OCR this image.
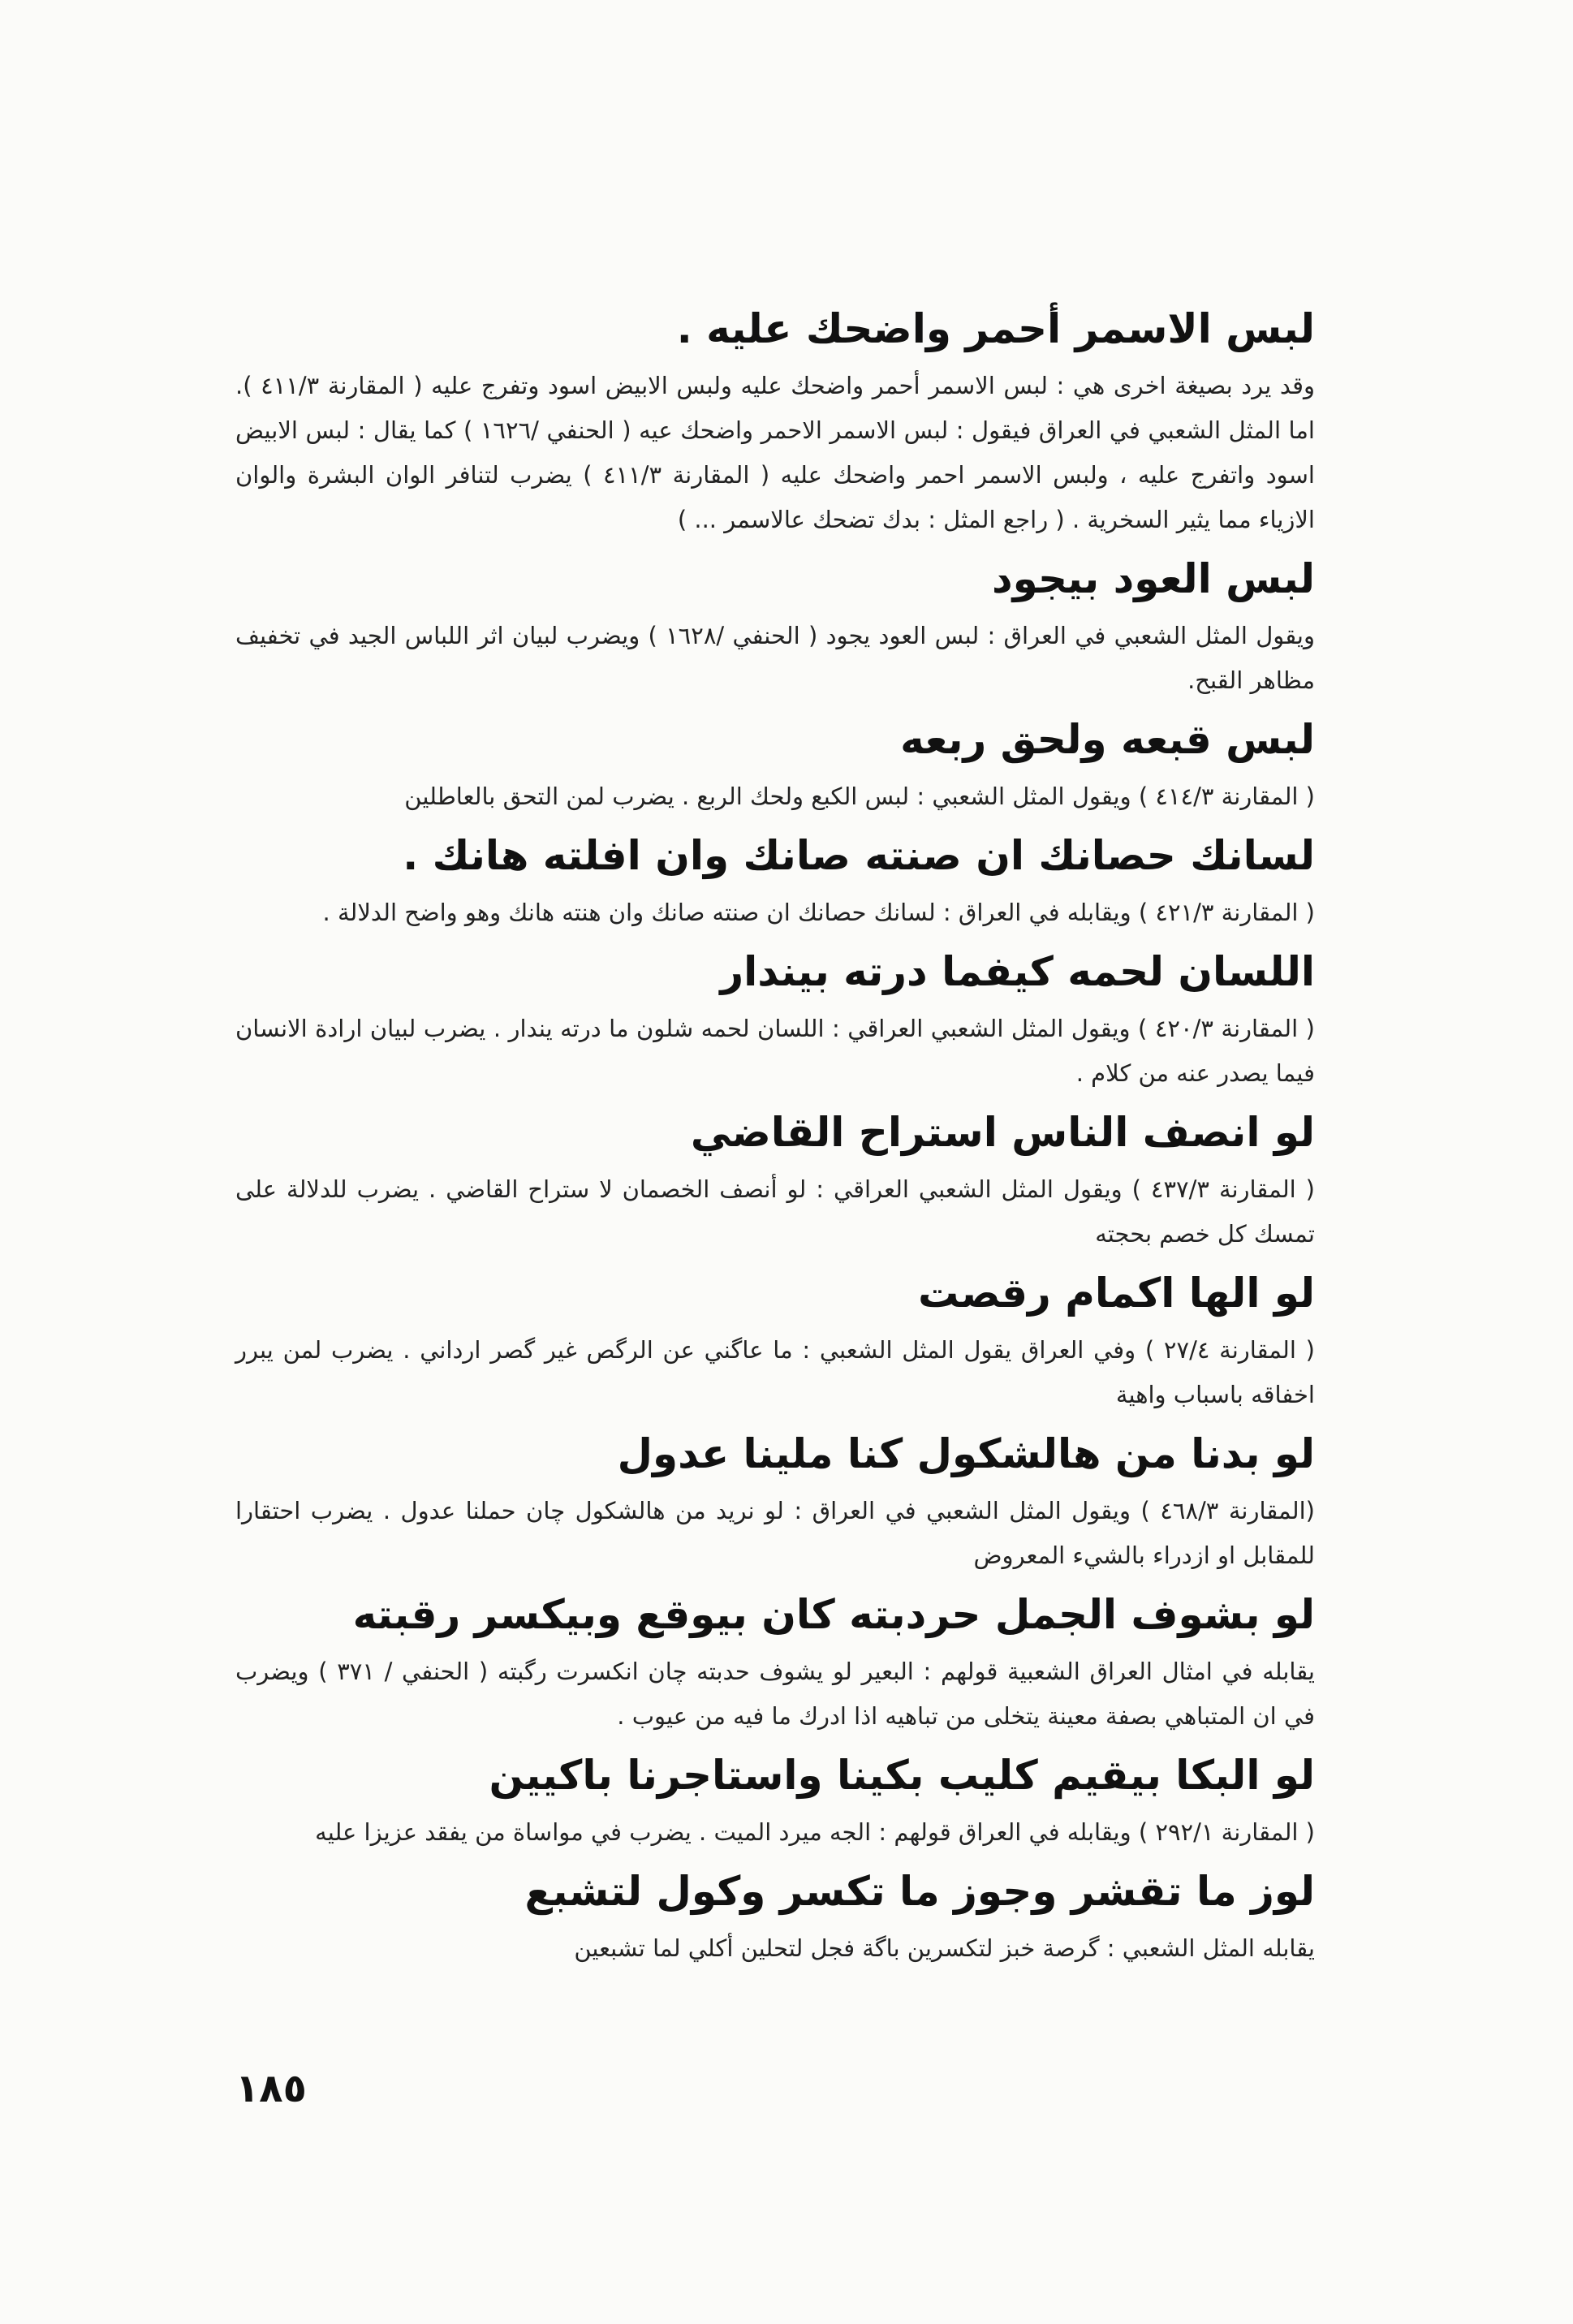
لبس الاسمر أحمر واضحك عليه .

وقد يرد بصيغة اخرى هي : لبس الاسمر أحمر واضحك عليه ولبس الابيض اسود وتفرج عليه ( المقارنة ٤١١/٣ ). اما المثل الشعبي في العراق فيقول : لبس الاسمر الاحمر واضحك عيه ( الحنفي /١٦٢٦ ) كما يقال : لبس الابيض اسود واتفرج عليه ، ولبس الاسمر احمر واضحك عليه ( المقارنة ٤١١/٣ ) يضرب لتنافر الوان البشرة والوان الازياء مما يثير السخرية . ( راجع المثل : بدك تضحك عالاسمر ... )

لبس العود بيجود

ويقول المثل الشعبي في العراق : لبس العود يجود ( الحنفي /١٦٢٨ ) ويضرب لبيان اثر اللباس الجيد في تخفيف مظاهر القبح.

لبس قبعه ولحق ربعه

( المقارنة ٤١٤/٣ ) ويقول المثل الشعبي : لبس الكبع ولحك الربع . يضرب لمن التحق بالعاطلين

لسانك حصانك ان صنته صانك وان افلته هانك .

( المقارنة ٤٢١/٣ ) ويقابله في العراق : لسانك حصانك ان صنته صانك وان هنته هانك وهو واضح الدلالة .

اللسان لحمه كيفما درته بيندار

( المقارنة ٤٢٠/٣ ) ويقول المثل الشعبي العراقي : اللسان لحمه شلون ما درته يندار . يضرب لبيان ارادة الانسان فيما يصدر عنه من كلام .

لو انصف الناس استراح القاضي

( المقارنة ٤٣٧/٣ ) ويقول المثل الشعبي العراقي : لو أنصف الخصمان لا ستراح القاضي . يضرب للدلالة على تمسك كل خصم بحجته

لو الها اكمام رقصت

( المقارنة ٢٧/٤ ) وفي العراق يقول المثل الشعبي : ما عاگني عن الرگص غير گصر ارداني . يضرب لمن يبرر اخفاقه باسباب واهية

لو بدنا من هالشكول كنا ملينا عدول

(المقارنة ٤٦٨/٣ ) ويقول المثل الشعبي في العراق : لو نريد من هالشكول چان حملنا عدول . يضرب احتقارا للمقابل او ازدراء بالشيء المعروض

لو بشوف الجمل حردبته كان بيوقع وبيكسر رقبته

يقابله في امثال العراق الشعبية قولهم : البعير لو يشوف حدبته چان انكسرت رگبته ( الحنفي / ٣٧١ ) ويضرب في ان المتباهي بصفة معينة يتخلى من تباهيه اذا ادرك ما فيه من عيوب .

لو البكا بيقيم كليب بكينا واستاجرنا باكيين

( المقارنة ٢٩٢/١ ) ويقابله في العراق قولهم : الجه ميرد الميت . يضرب في مواساة من يفقد عزيزا عليه

لوز ما تقشر وجوز ما تكسر وكول لتشبع

يقابله المثل الشعبي : گرصة خبز لتكسرين باگة فجل لتحلين أكلي لما تشبعين

١٨٥
